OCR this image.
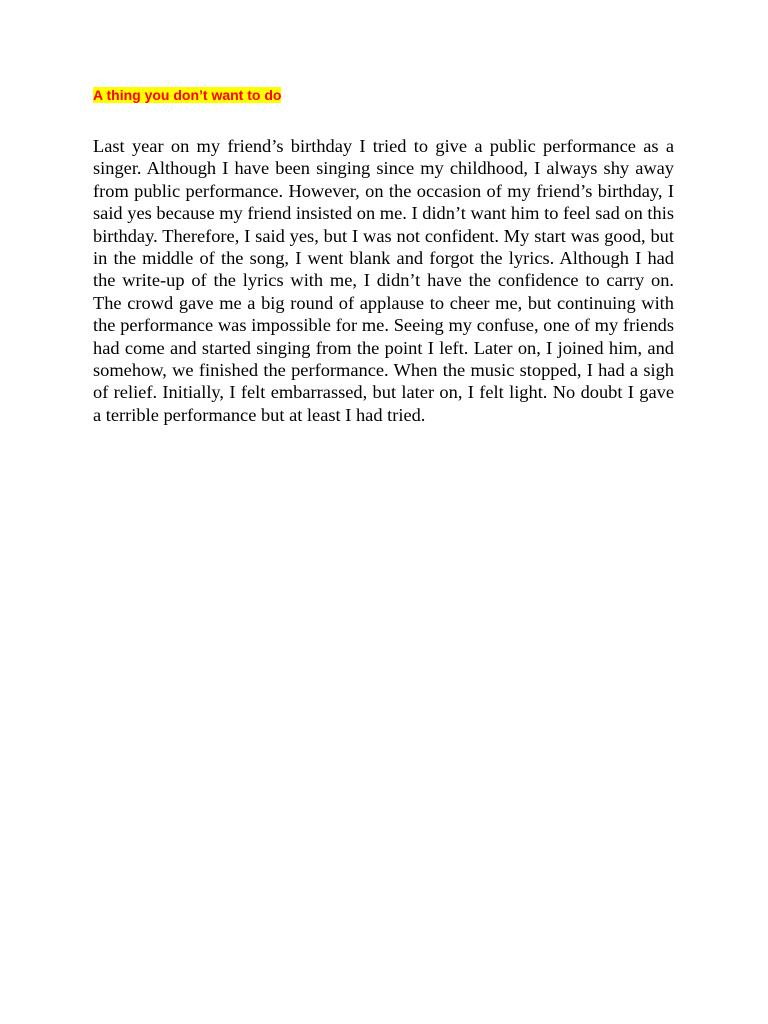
A thing you don’t want to do

Last year on my friend’s birthday I tried to give a public performance as a singer. Although I have been singing since my childhood, I always shy away from public performance. However, on the occasion of my friend’s birthday, I said yes because my friend insisted on me. I didn’t want him to feel sad on this birthday. Therefore, I said yes, but I was not confident. My start was good, but in the middle of the song, I went blank and forgot the lyrics. Although I had the write-up of the lyrics with me, I didn’t have the confidence to carry on. The crowd gave me a big round of applause to cheer me, but continuing with the performance was impossible for me. Seeing my confuse, one of my friends had come and started singing from the point I left. Later on, I joined him, and somehow, we finished the performance. When the music stopped, I had a sigh of relief. Initially, I felt embarrassed, but later on, I felt light. No doubt I gave a terrible performance but at least I had tried.
